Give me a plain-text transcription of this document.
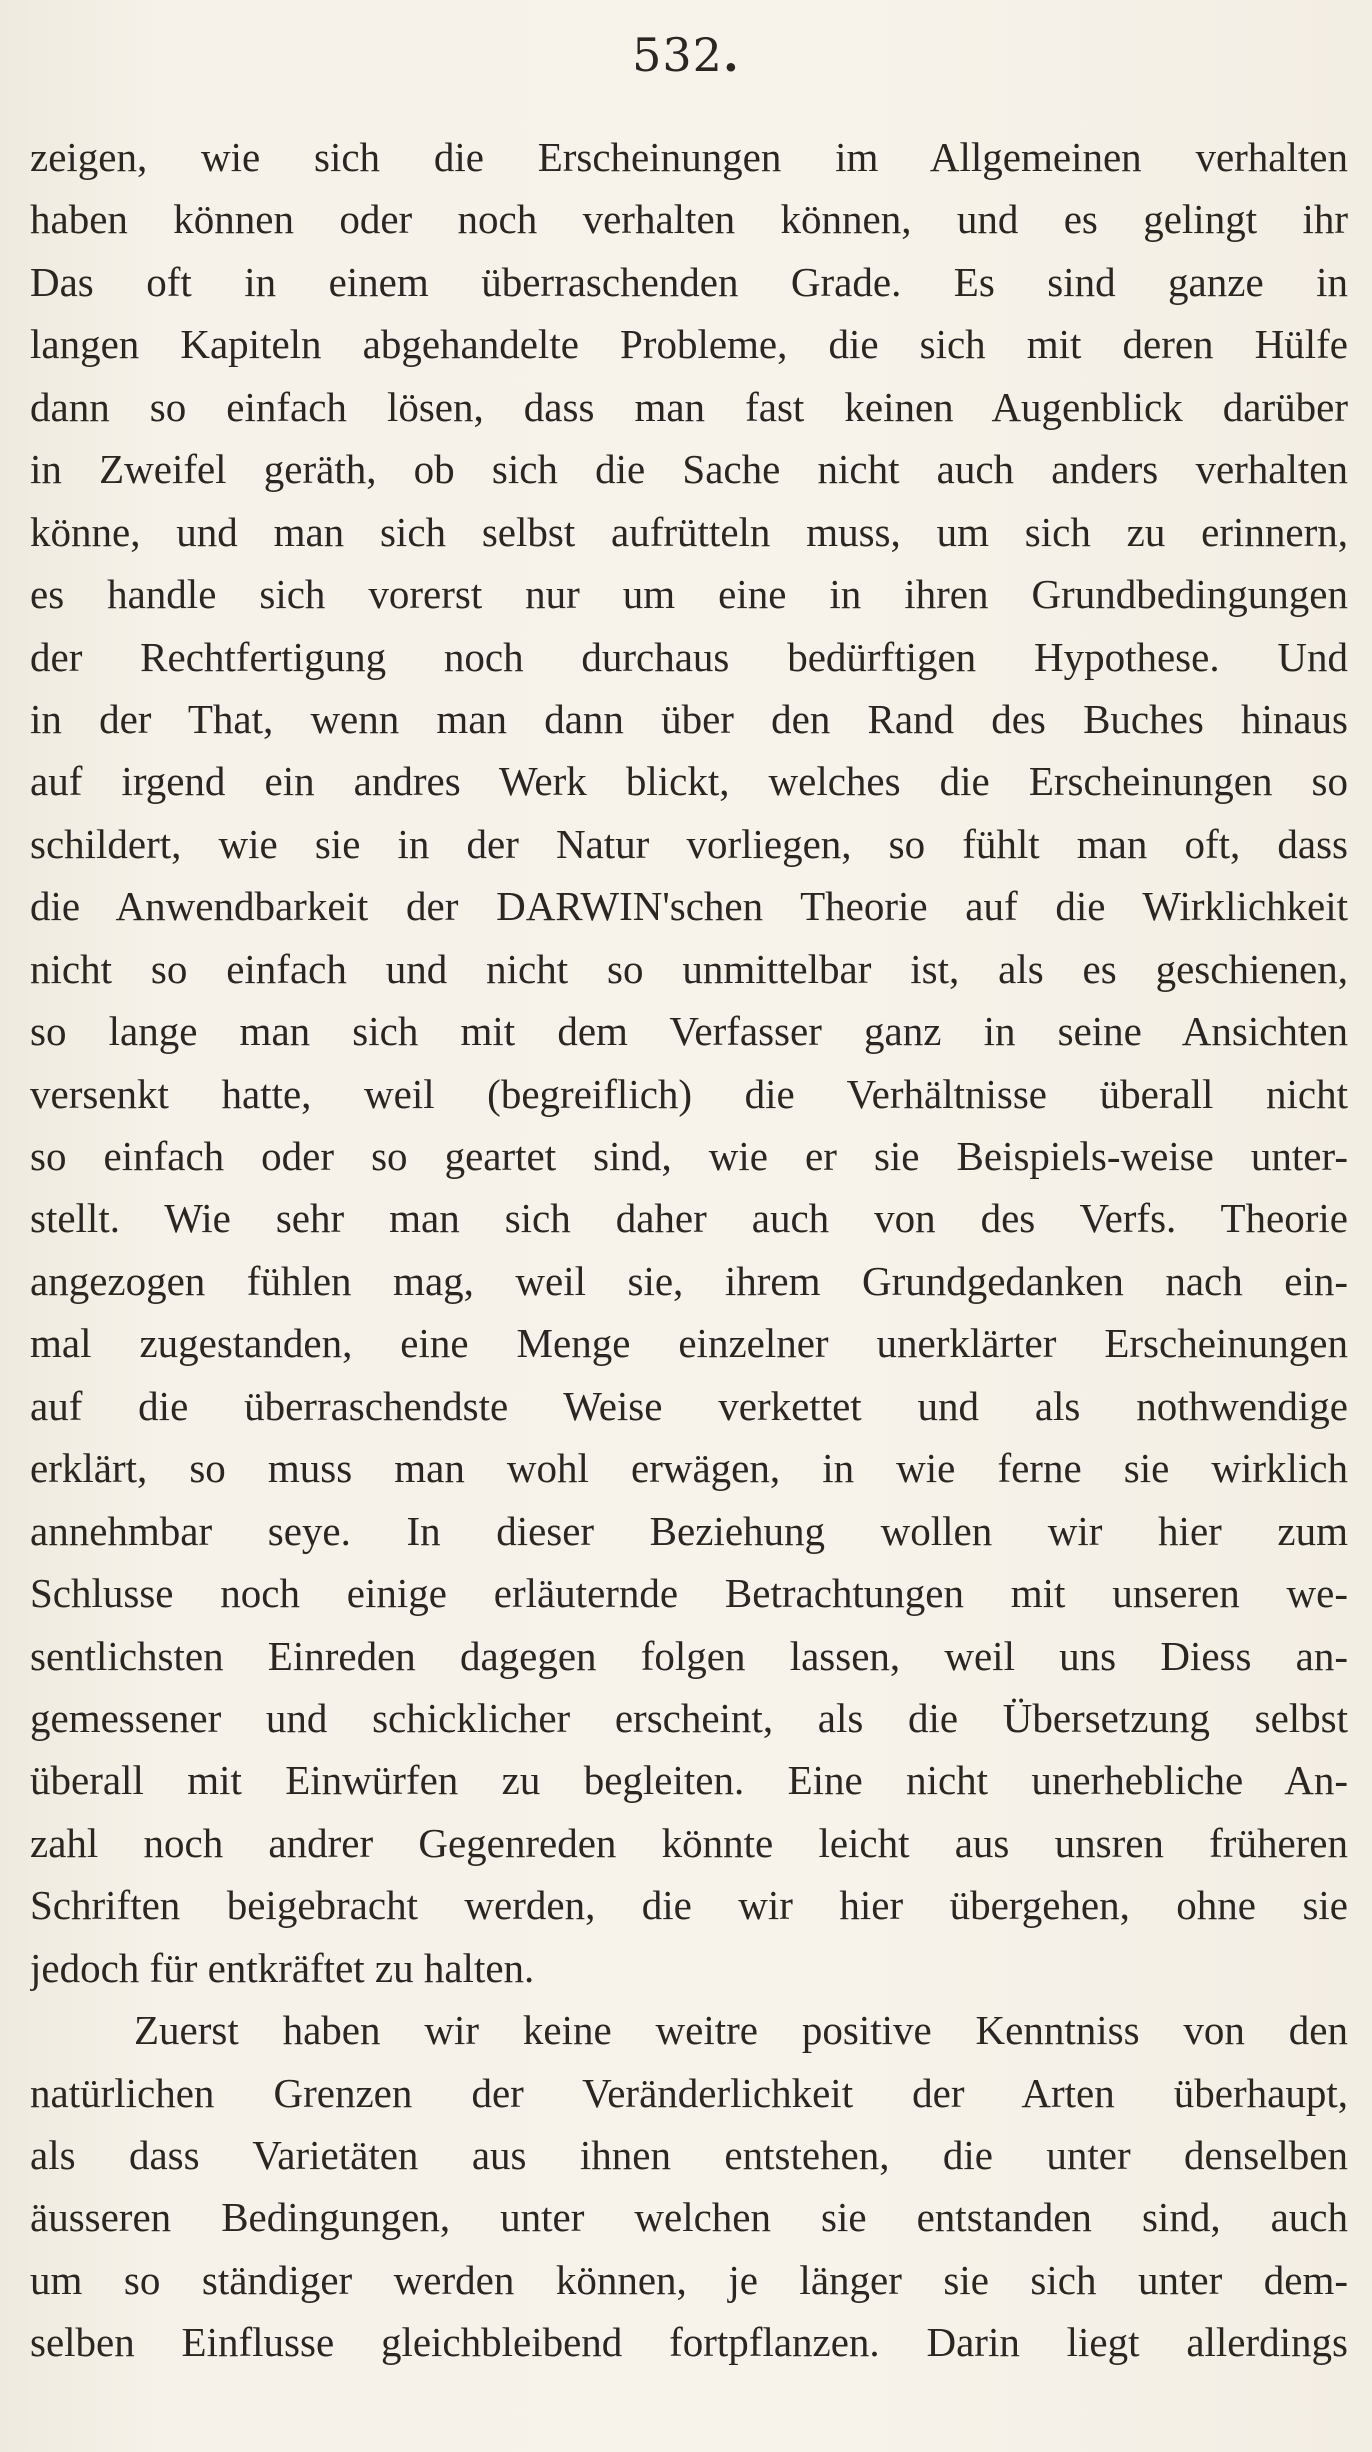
532.
zeigen, wie sich die Erscheinungen im Allgemeinen verhalten
haben können oder noch verhalten können, und es gelingt ihr
Das oft in einem überraschenden Grade. Es sind ganze in
langen Kapiteln abgehandelte Probleme, die sich mit deren Hülfe
dann so einfach lösen, dass man fast keinen Augenblick darüber
in Zweifel geräth, ob sich die Sache nicht auch anders verhalten
könne, und man sich selbst aufrütteln muss, um sich zu erinnern,
es handle sich vorerst nur um eine in ihren Grundbedingungen
der Rechtfertigung noch durchaus bedürftigen Hypothese. Und
in der That, wenn man dann über den Rand des Buches hinaus
auf irgend ein andres Werk blickt, welches die Erscheinungen so
schildert, wie sie in der Natur vorliegen, so fühlt man oft, dass
die Anwendbarkeit der DARWIN'schen Theorie auf die Wirklichkeit
nicht so einfach und nicht so unmittelbar ist, als es geschienen,
so lange man sich mit dem Verfasser ganz in seine Ansichten
versenkt hatte, weil (begreiflich) die Verhältnisse überall nicht
so einfach oder so geartet sind, wie er sie Beispiels-weise unter-
stellt. Wie sehr man sich daher auch von des Verfs. Theorie
angezogen fühlen mag, weil sie, ihrem Grundgedanken nach ein-
mal zugestanden, eine Menge einzelner unerklärter Erscheinungen
auf die überraschendste Weise verkettet und als nothwendige
erklärt, so muss man wohl erwägen, in wie ferne sie wirklich
annehmbar seye. In dieser Beziehung wollen wir hier zum
Schlusse noch einige erläuternde Betrachtungen mit unseren we-
sentlichsten Einreden dagegen folgen lassen, weil uns Diess an-
gemessener und schicklicher erscheint, als die Übersetzung selbst
überall mit Einwürfen zu begleiten. Eine nicht unerhebliche An-
zahl noch andrer Gegenreden könnte leicht aus unsren früheren
Schriften beigebracht werden, die wir hier übergehen, ohne sie
jedoch für entkräftet zu halten.
Zuerst haben wir keine weitre positive Kenntniss von den
natürlichen Grenzen der Veränderlichkeit der Arten überhaupt,
als dass Varietäten aus ihnen entstehen, die unter denselben
äusseren Bedingungen, unter welchen sie entstanden sind, auch
um so ständiger werden können, je länger sie sich unter dem-
selben Einflusse gleichbleibend fortpflanzen. Darin liegt allerdings
